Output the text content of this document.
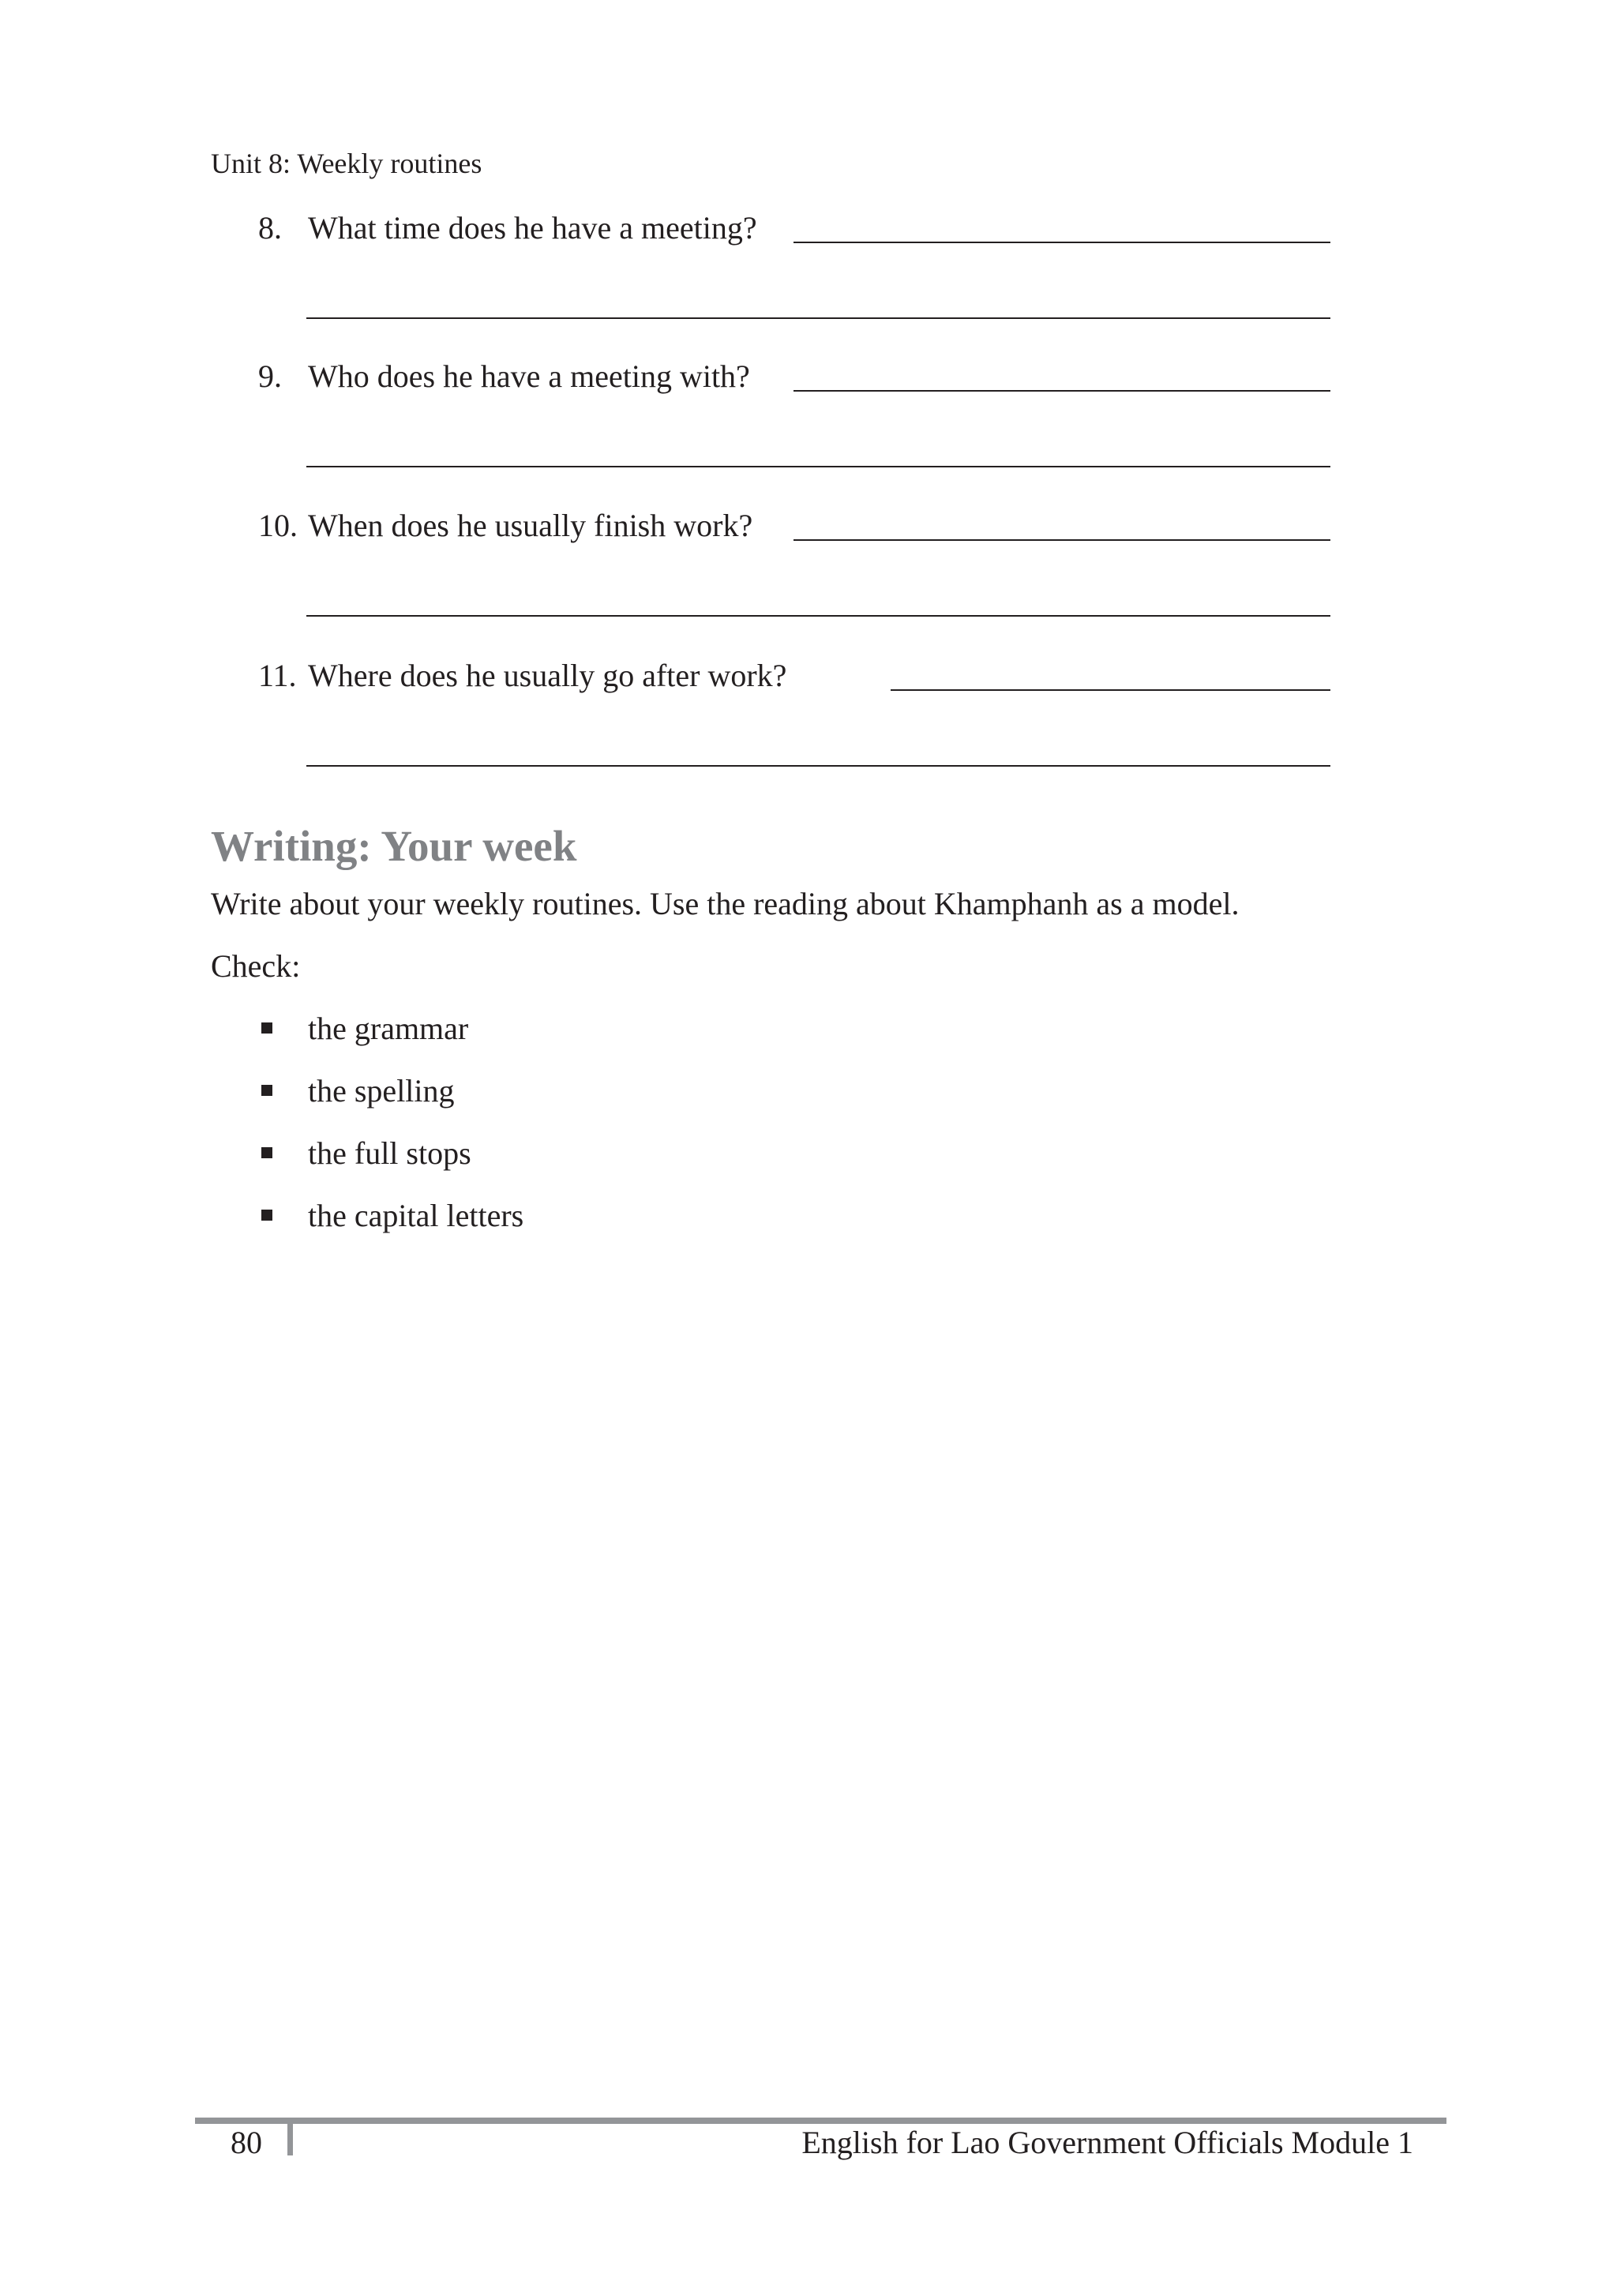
Unit 8: Weekly routines
8. What time does he have a meeting?
9. Who does he have a meeting with?
10. When does he usually finish work?
11. Where does he usually go after work?
Writing: Your week
Write about your weekly routines. Use the reading about Khamphanh as a model.
Check:
the grammar
the spelling
the full stops
the capital letters
80	English for Lao Government Officials Module 1
